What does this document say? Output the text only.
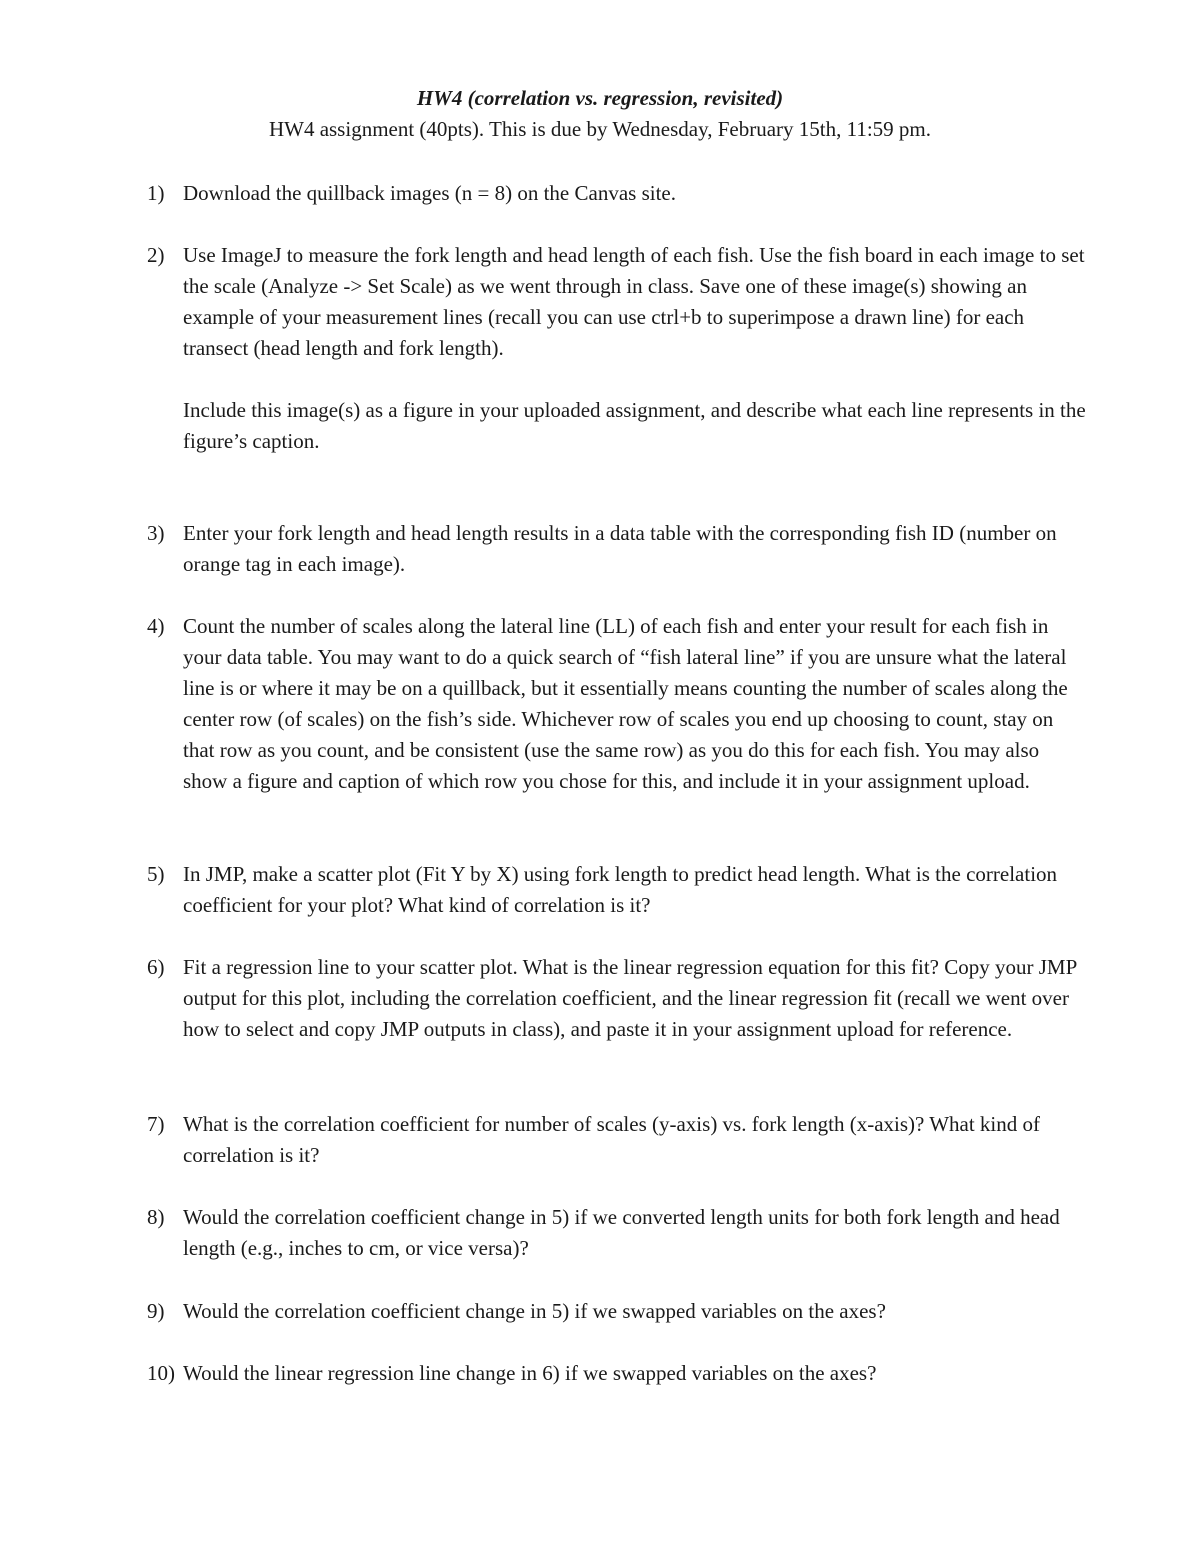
HW4 (correlation vs. regression, revisited)
HW4 assignment (40pts). This is due by Wednesday, February 15th, 11:59 pm.
1) Download the quillback images (n = 8) on the Canvas site.

2) Use ImageJ to measure the fork length and head length of each fish. Use the fish board in each image to set the scale (Analyze -> Set Scale) as we went through in class. Save one of these image(s) showing an example of your measurement lines (recall you can use ctrl+b to superimpose a drawn line) for each transect (head length and fork length).

Include this image(s) as a figure in your uploaded assignment, and describe what each line represents in the figure’s caption.

3) Enter your fork length and head length results in a data table with the corresponding fish ID (number on orange tag in each image).

4) Count the number of scales along the lateral line (LL) of each fish and enter your result for each fish in your data table. You may want to do a quick search of “fish lateral line” if you are unsure what the lateral line is or where it may be on a quillback, but it essentially means counting the number of scales along the center row (of scales) on the fish’s side. Whichever row of scales you end up choosing to count, stay on that row as you count, and be consistent (use the same row) as you do this for each fish. You may also show a figure and caption of which row you chose for this, and include it in your assignment upload.

5) In JMP, make a scatter plot (Fit Y by X) using fork length to predict head length. What is the correlation coefficient for your plot? What kind of correlation is it?

6) Fit a regression line to your scatter plot. What is the linear regression equation for this fit? Copy your JMP output for this plot, including the correlation coefficient, and the linear regression fit (recall we went over how to select and copy JMP outputs in class), and paste it in your assignment upload for reference.

7) What is the correlation coefficient for number of scales (y-axis) vs. fork length (x-axis)? What kind of correlation is it?

8) Would the correlation coefficient change in 5) if we converted length units for both fork length and head length (e.g., inches to cm, or vice versa)?

9) Would the correlation coefficient change in 5) if we swapped variables on the axes?

10) Would the linear regression line change in 6) if we swapped variables on the axes?
